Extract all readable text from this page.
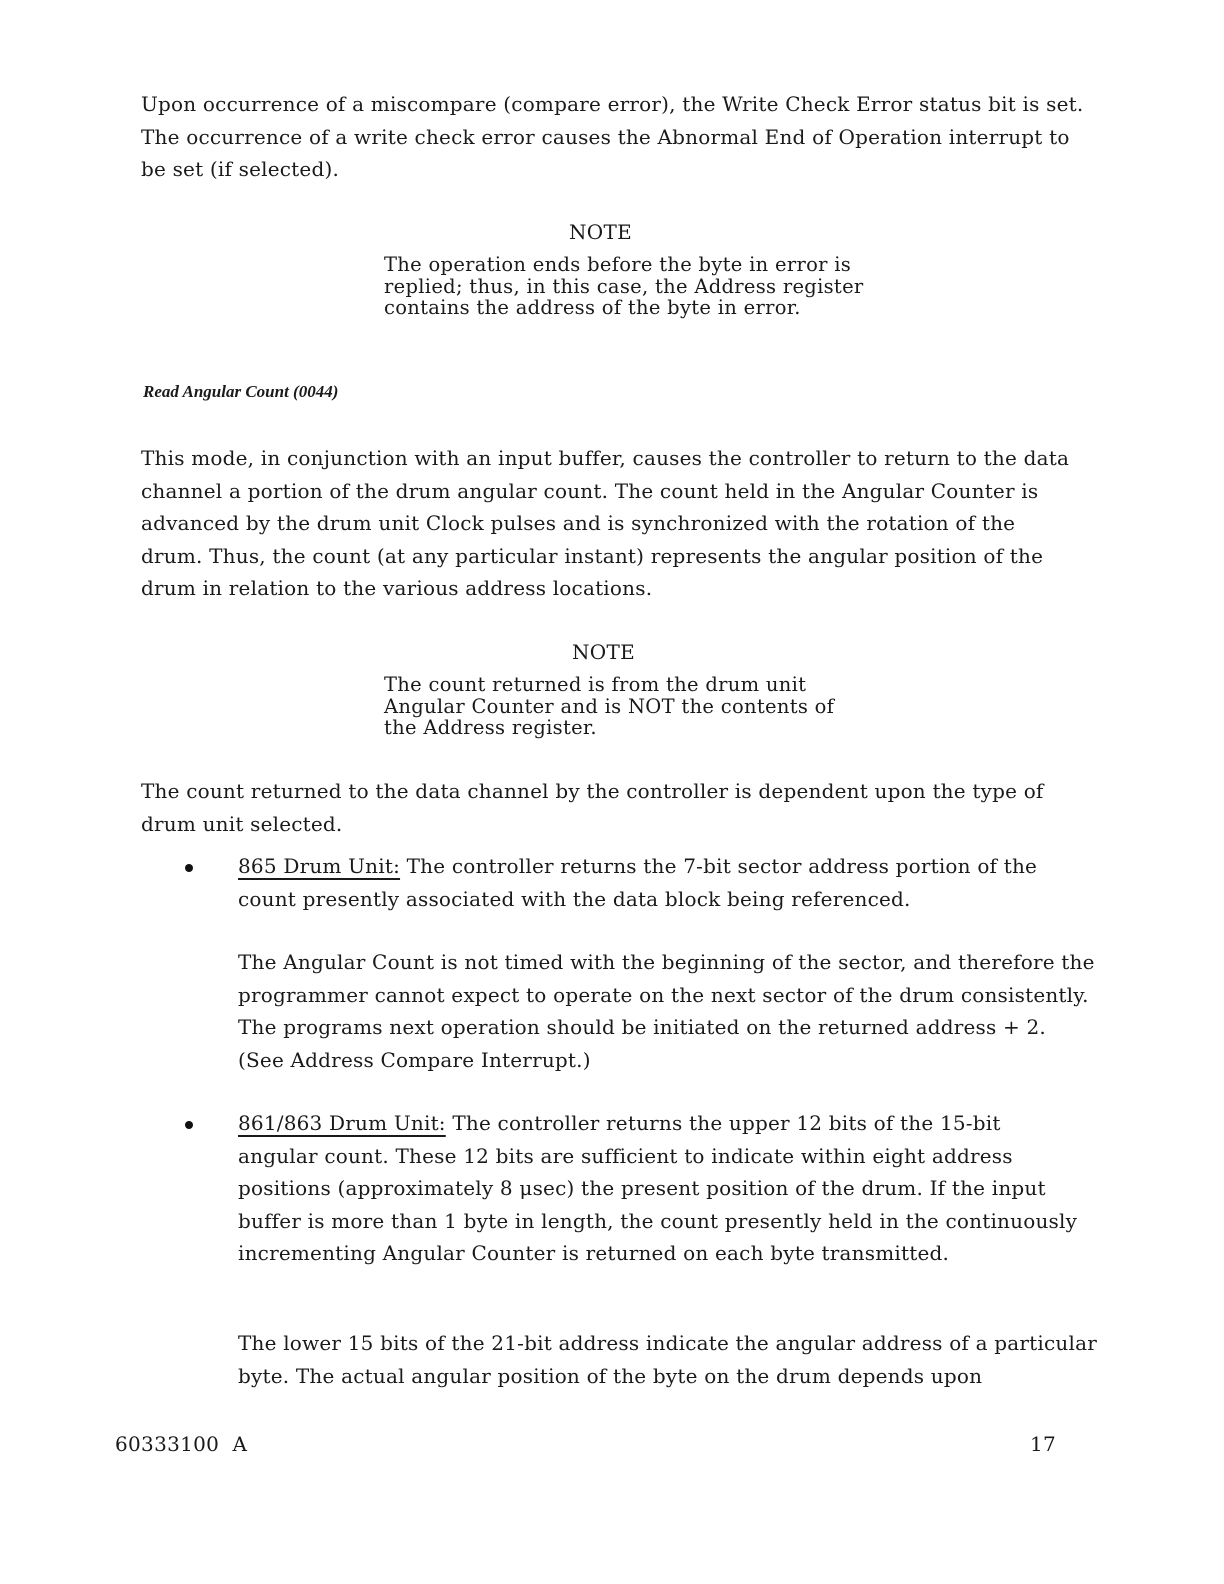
Upon occurrence of a miscompare (compare error), the Write Check Error status bit is set. The occurrence of a write check error causes the Abnormal End of Operation interrupt to be set (if selected).
NOTE
The operation ends before the byte in error is replied; thus, in this case, the Address register contains the address of the byte in error.
Read Angular Count (0044)
This mode, in conjunction with an input buffer, causes the controller to return to the data channel a portion of the drum angular count. The count held in the Angular Counter is advanced by the drum unit Clock pulses and is synchronized with the rotation of the drum. Thus, the count (at any particular instant) represents the angular position of the drum in relation to the various address locations.
NOTE
The count returned is from the drum unit Angular Counter and is NOT the contents of the Address register.
The count returned to the data channel by the controller is dependent upon the type of drum unit selected.
865 Drum Unit: The controller returns the 7-bit sector address portion of the count presently associated with the data block being referenced.
The Angular Count is not timed with the beginning of the sector, and therefore the programmer cannot expect to operate on the next sector of the drum consistently. The programs next operation should be initiated on the returned address + 2. (See Address Compare Interrupt.)
861/863 Drum Unit: The controller returns the upper 12 bits of the 15-bit angular count. These 12 bits are sufficient to indicate within eight address positions (approximately 8 μsec) the present position of the drum. If the input buffer is more than 1 byte in length, the count presently held in the continuously incrementing Angular Counter is returned on each byte transmitted.
The lower 15 bits of the 21-bit address indicate the angular address of a particular byte. The actual angular position of the byte on the drum depends upon
60333100  A	17
